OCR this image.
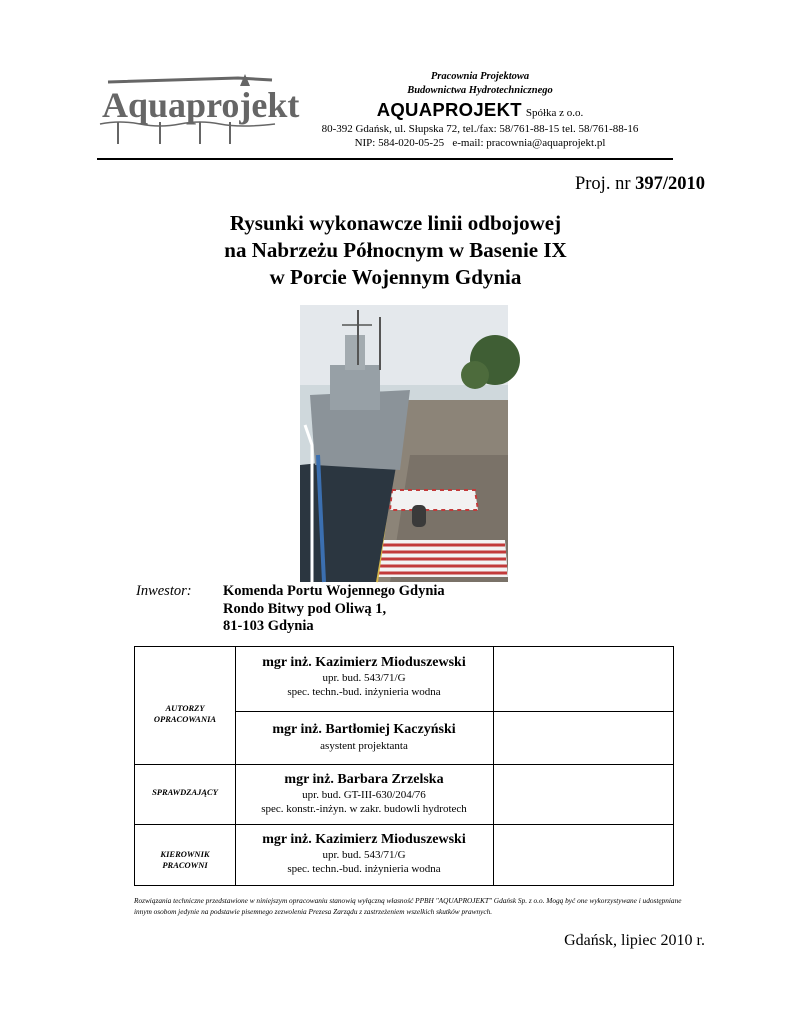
Aquaprojekt
Pracownia Projektowa
Budownictwa Hydrotechnicznego
AQUAPROJEKT Spółka z o.o.
80-392 Gdańsk, ul. Słupska 72, tel./fax: 58/761-88-15 tel. 58/761-88-16
NIP: 584-020-05-25   e-mail: pracownia@aquaprojekt.pl
Proj. nr 397/2010
Rysunki wykonawcze linii odbojowej
na Nabrzeżu Północnym w Basenie IX
w Porcie Wojennym Gdynia
Inwestor: Komenda Portu Wojennego Gdynia
Rondo Bitwy pod Oliwą 1,
81-103 Gdynia
AUTORZY OPRACOWANIA
mgr inż. Kazimierz Mioduszewski
upr. bud. 543/71/G
spec. techn.-bud. inżynieria wodna
mgr inż. Bartłomiej Kaczyński
asystent projektanta
SPRAWDZAJĄCY
mgr inż. Barbara Zrzelska
upr. bud. GT-III-630/204/76
spec. konstr.-inżyn. w zakr. budowli hydrotech
KIEROWNIK PRACOWNI
mgr inż. Kazimierz Mioduszewski
upr. bud. 543/71/G
spec. techn.-bud. inżynieria wodna
Rozwiązania techniczne przedstawione w niniejszym opracowaniu stanowią wyłączną własność PPBH "AQUAPROJEKT" Gdańsk Sp. z o.o. Mogą być one wykorzystywane i udostępniane innym osobom jedynie na podstawie pisemnego zezwolenia Prezesa Zarządu z zastrzeżeniem wszelkich skutków prawnych.
Gdańsk, lipiec 2010 r.
